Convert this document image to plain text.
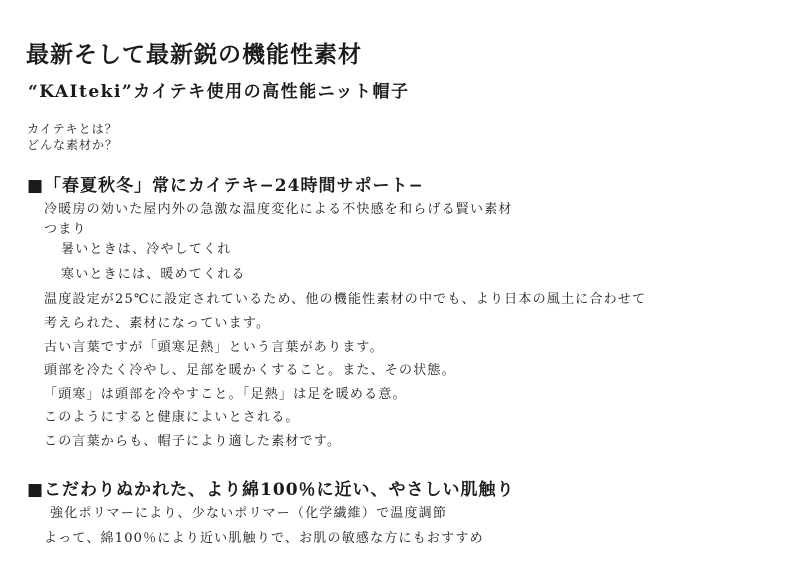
最新そして最新鋭の機能性素材
“KAIteki”カイテキ使用の高性能ニット帽子

カイテキとは？

どんな素材か？

■「春夏秋冬」常にカイテキ−24時間サポート−

冷暖房の効いた屋内外の急激な温度変化による不快感を和らげる賢い素材

つまり

暑いときは、冷やしてくれ

寒いときには、暖めてくれる

温度設定が25℃に設定されているため、他の機能性素材の中でも、より日本の風土に合わせて

考えられた、素材になっています。

古い言葉ですが「頭寒足熱」という言葉があります。

頭部を冷たく冷やし、足部を暖かくすること。また、その状態。

「頭寒」は頭部を冷やすこと。「足熱」は足を暖める意。

このようにすると健康によいとされる。

この言葉からも、帽子により適した素材です。

■こだわりぬかれた、より綿100％に近い、やさしい肌触り

強化ポリマーにより、少ないポリマー（化学繊維）で温度調節

よって、綿100％により近い肌触りで、お肌の敏感な方にもおすすめ
